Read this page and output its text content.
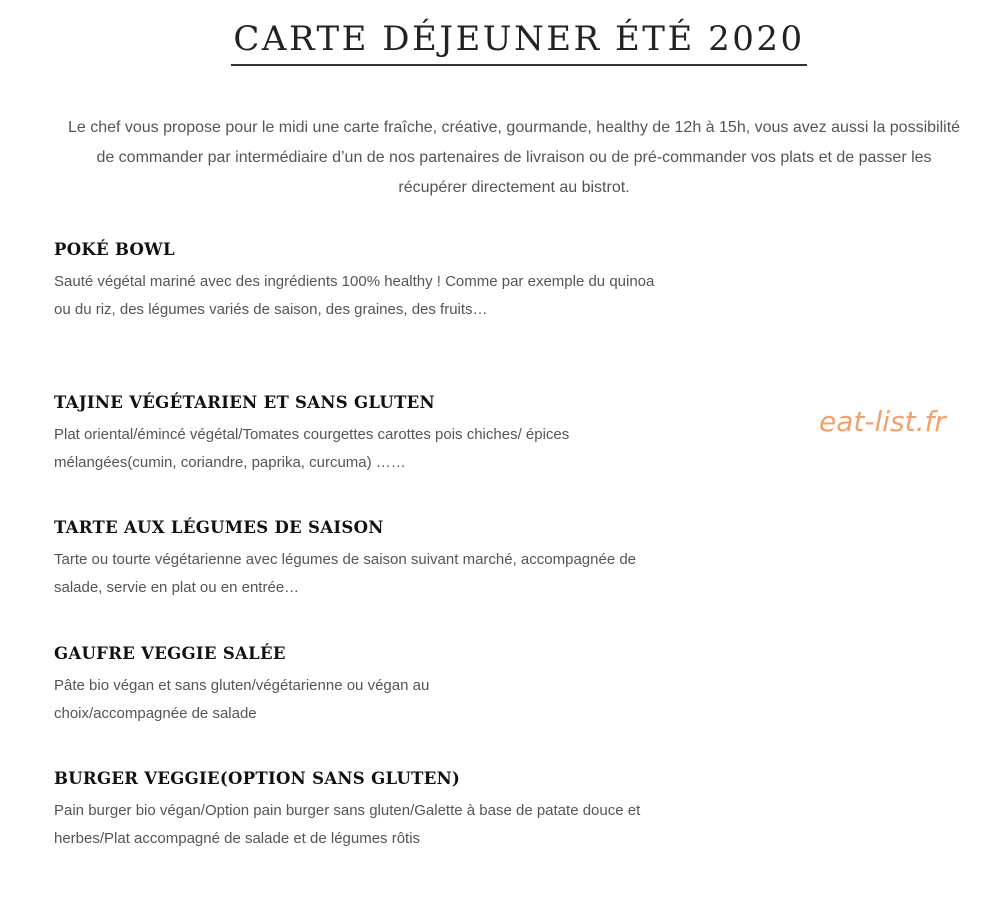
CARTE DÉJEUNER ÉTÉ 2020

Le chef vous propose pour le midi une carte fraîche, créative, gourmande, healthy de 12h à 15h, vous avez aussi la possibilité de commander par intermédiaire d’un de nos partenaires de livraison ou de pré-commander vos plats et de passer les récupérer directement au bistrot.

POKÉ BOWL

Sauté végétal mariné avec des ingrédients 100% healthy ! Comme par exemple du quinoa ou du riz, des légumes variés de saison, des graines, des fruits…

TAJINE VÉGÉTARIEN ET SANS GLUTEN

Plat oriental/émincé végétal/Tomates courgettes carottes pois chiches/ épices mélangées(cumin, coriandre, paprika, curcuma) ……

TARTE AUX LÉGUMES DE SAISON

Tarte ou tourte végétarienne avec légumes de saison suivant marché, accompagnée de salade, servie en plat ou en entrée…

GAUFRE VEGGIE SALÉE

Pâte bio végan et sans gluten/végétarienne ou végan au choix/accompagnée de salade

BURGER VEGGIE(OPTION SANS GLUTEN)

Pain burger bio végan/Option pain burger sans gluten/Galette à base de patate douce et herbes/Plat accompagné de salade et de légumes rôtis

eat-list.fr
